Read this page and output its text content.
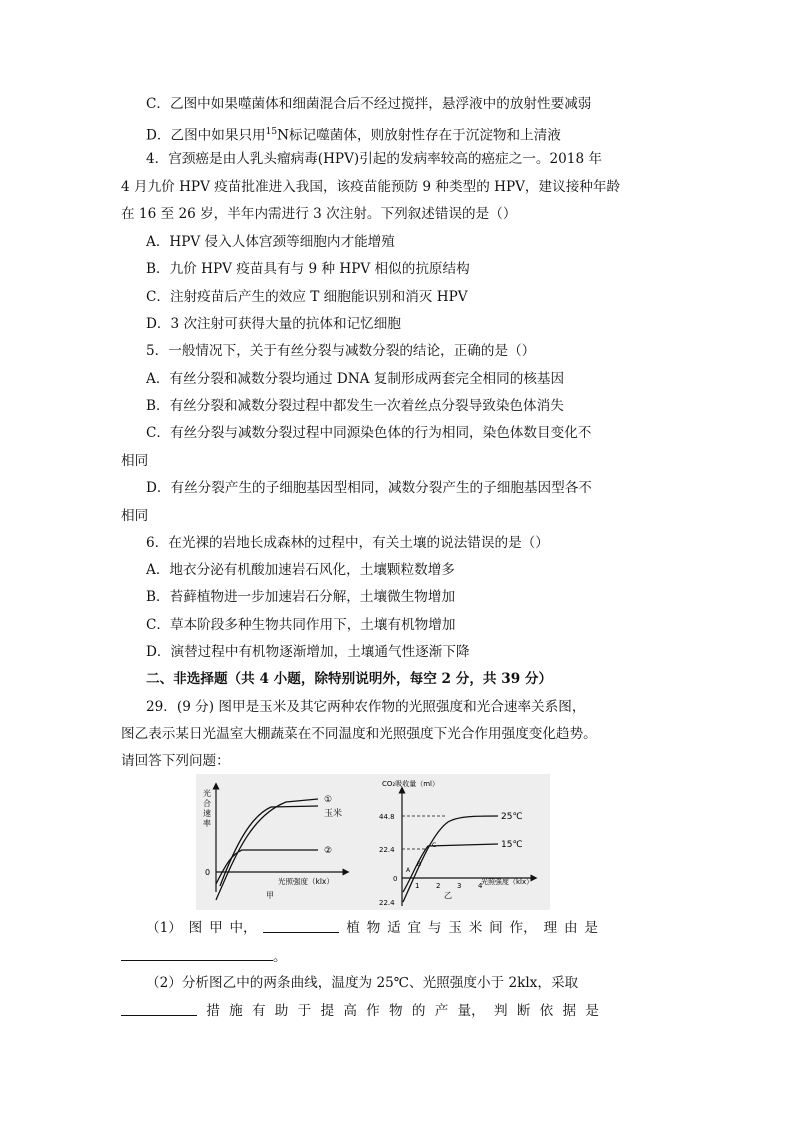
C．乙图中如果噬菌体和细菌混合后不经过搅拌，悬浮液中的放射性要减弱
D．乙图中如果只用$^{15}$N标记噬菌体，则放射性存在于沉淀物和上清液
4．宫颈癌是由人乳头瘤病毒(HPV)引起的发病率较高的癌症之一。2018 年
4 月九价 HPV 疫苗批准进入我国，该疫苗能预防 9 种类型的 HPV，建议接种年龄
在 16 至 26 岁，半年内需进行 3 次注射。下列叙述错误的是（）
A．HPV 侵入人体宫颈等细胞内才能增殖
B．九价 HPV 疫苗具有与 9 种 HPV 相似的抗原结构
C．注射疫苗后产生的效应 T 细胞能识别和消灭 HPV
D．3 次注射可获得大量的抗体和记忆细胞
5．一般情况下，关于有丝分裂与减数分裂的结论，正确的是（）
A．有丝分裂和减数分裂均通过 DNA 复制形成两套完全相同的核基因
B．有丝分裂和减数分裂过程中都发生一次着丝点分裂导致染色体消失
C．有丝分裂与减数分裂过程中同源染色体的行为相同，染色体数目变化不
相同
D．有丝分裂产生的子细胞基因型相同，减数分裂产生的子细胞基因型各不
相同
6．在光裸的岩地长成森林的过程中，有关土壤的说法错误的是（）
A．地衣分泌有机酸加速岩石风化，土壤颗粒数增多
B．苔藓植物进一步加速岩石分解，土壤微生物增加
C．草本阶段多种生物共同作用下，土壤有机物增加
D．演替过程中有机物逐渐增加，土壤通气性逐渐下降
二、非选择题（共 4 小题，除特别说明外，每空 2 分，共 39 分）
29．(9 分) 图甲是玉米及其它两种农作物的光照强度和光合速率关系图，
图乙表示某日光温室大棚蔬菜在不同温度和光照强度下光合作用强度变化趋势。
请回答下列问题：
光
合
速
率
0
①
玉米
②
光照强度（klx）
甲
CO₂吸收量（ml）
44.8
22.4
0
22.4
1 2 3 4
A
B
C
25℃
15℃
光照强度（klx）
乙
（1） 图 甲 中，	植 物 适 宜 与 玉 米 间 作， 理 由 是
。
（2）分析图乙中的两条曲线，温度为 25℃、光照强度小于 2klx，采取
措 施 有 助 于 提 高 作 物 的 产 量， 判 断 依 据 是
